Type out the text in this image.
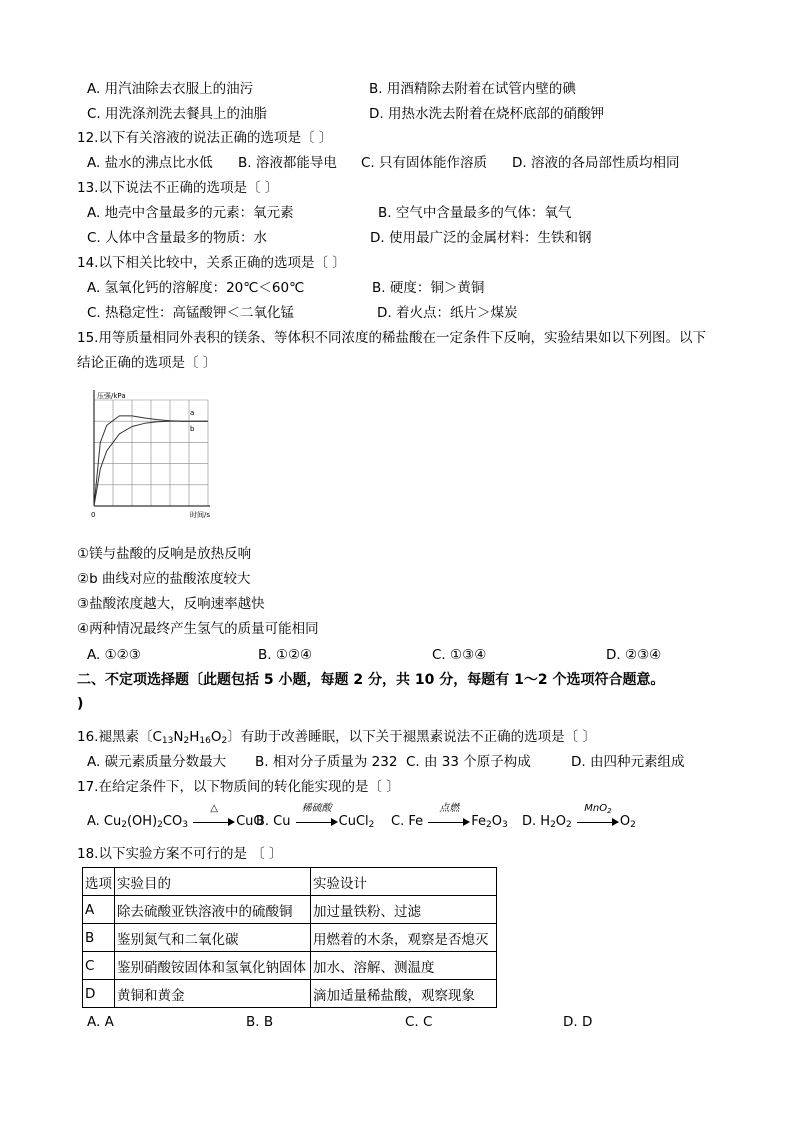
A. 用汽油除去衣服上的油污	B. 用酒精除去附着在试管内壁的碘
C. 用洗涤剂洗去餐具上的油脂	D. 用热水洗去附着在烧杯底部的硝酸钾
12.以下有关溶液的说法正确的选项是〔 〕
A. 盐水的沸点比水低 B. 溶液都能导电 C. 只有固体能作溶质 D. 溶液的各局部性质均相同
13.以下说法不正确的选项是〔 〕
A. 地壳中含量最多的元素：氧元素	B. 空气中含量最多的气体：氧气
C. 人体中含量最多的物质：水	D. 使用最广泛的金属材料：生铁和钢
14.以下相关比较中，关系正确的选项是〔 〕
A. 氢氧化钙的溶解度：20℃＜60℃	B. 硬度：铜＞黄铜
C. 热稳定性：高锰酸钾＜二氧化锰	D. 着火点：纸片＞煤炭
15.用等质量相同外表积的镁条、等体积不同浓度的稀盐酸在一定条件下反响，实验结果如以下列图。以下
结论正确的选项是〔 〕
压强/kPa
时间/s
0
a
b
①镁与盐酸的反响是放热反响
②b 曲线对应的盐酸浓度较大
③盐酸浓度越大，反响速率越快
④两种情况最终产生氢气的质量可能相同
A. ①②③	B. ①②④	C. ①③④	D. ②③④
二、不定项选择题〔此题包括 5 小题，每题 2 分，共 10 分，每题有 1～2 个选项符合题意。
)
16.褪黑素〔$C_{13}N_2H_{16}O_2$〕有助于改善睡眠，以下关于褪黑素说法不正确的选项是〔 〕
A. 碳元素质量分数最大 B. 相对分子质量为 232 C. 由 33 个原子构成	D. 由四种元素组成
17.在给定条件下，以下物质间的转化能实现的是〔 〕
A. $Cu_2(OH)_2CO_3$
△
CuO
B. Cu
稀硫酸
CuCl$_2$ C. Fe
点燃
$Fe_2O_3$ D. $H_2O_2$
MnO$_2$
$O_2$
18.以下实验方案不可行的是 〔 〕
选项	实验目的	实验设计
A	除去硫酸亚铁溶液中的硫酸铜	加过量铁粉、过滤
B	鉴别氮气和二氧化碳	用燃着的木条，观察是否熄灭
C	鉴别硝酸铵固体和氢氧化钠固体	加水、溶解、测温度
D	黄铜和黄金	滴加适量稀盐酸，观察现象
A. A	B. B	C. C	D. D
